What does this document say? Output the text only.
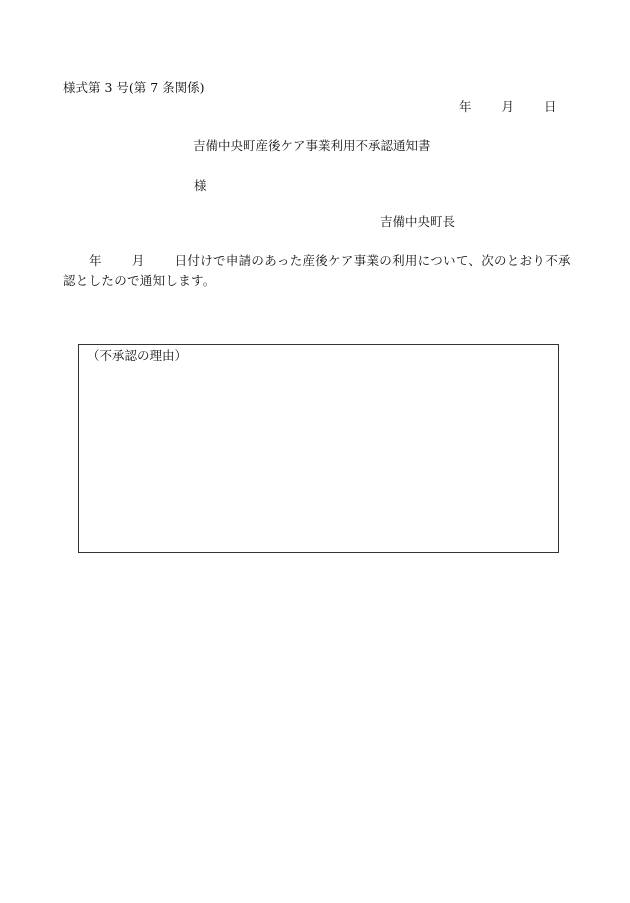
様式第 3 号(第 7 条関係)
年 月 日
吉備中央町産後ケア事業利用不承認通知書
様
吉備中央町長
年 月 日付けで申請のあった産後ケア事業の利用について、次のとおり不承認としたので通知します。
（不承認の理由）
